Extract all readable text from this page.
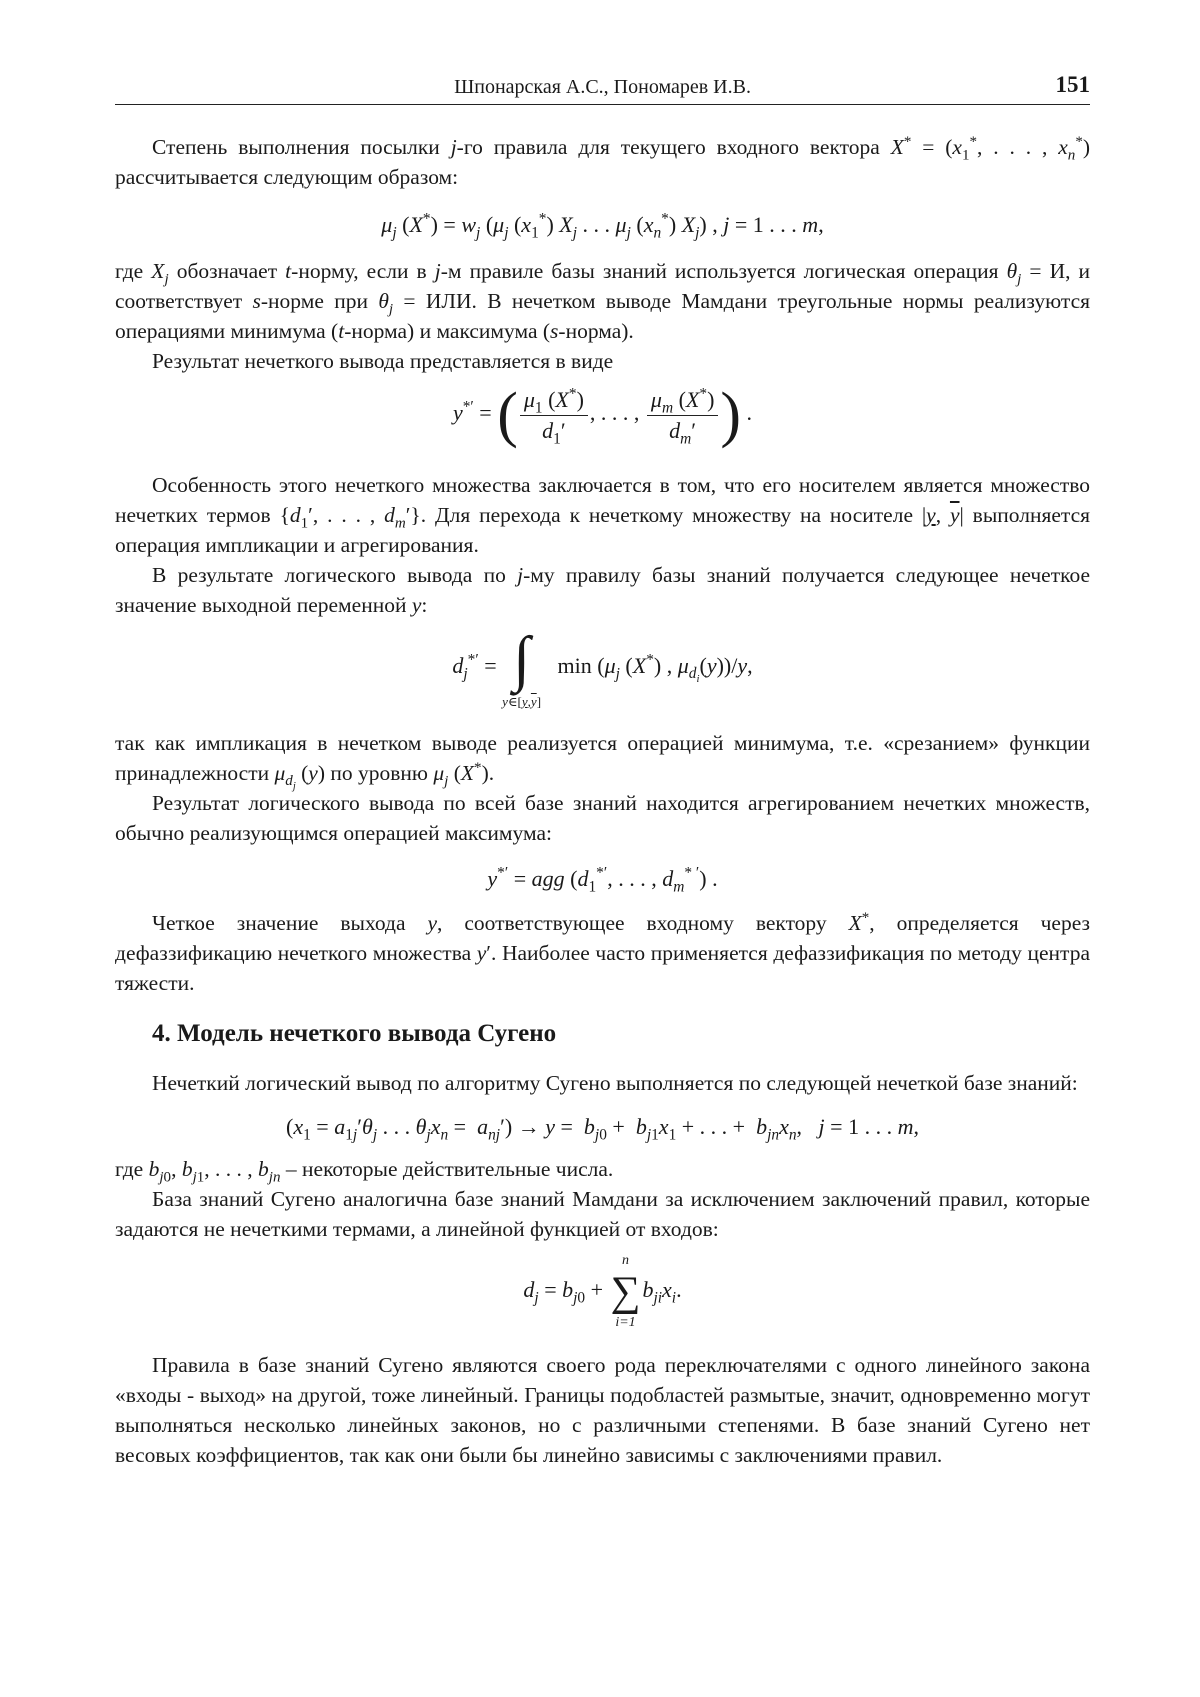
Шпонарская А.С., Пономарев И.В.	151

Степень выполнения посылки j-го правила для текущего входного вектора X* = (x1*, . . . , xn*) рассчитывается следующим образом:

μj (X*) = wj (μj (x1*) Xj . . . μj (xn*) Xj) , j = 1 . . . m,

где Xj обозначает t-норму, если в j-м правиле базы знаний используется логическая операция θj = И, и соответствует s-норме при θj = ИЛИ. В нечетком выводе Мамдани треугольные нормы реализуются операциями минимума (t-норма) и максимума (s-норма).

Результат нечеткого вывода представляется в виде

y*′ = ( μ1 (X*)
d1′
, . . . ,
μm (X*)
dm′ ) .

Особенность этого нечеткого множества заключается в том, что его носителем является множество нечетких термов {d1′, . . . , dm′}. Для перехода к нечеткому множеству на носителе |y, y| выполняется операция импликации и агрегирования.

В результате логического вывода по j-му правилу базы знаний получается следующее нечеткое значение выходной переменной y:

dj*′ = ∫
y∈[y,y]
min (μj (X*) , μdi(y))/y,

так как импликация в нечетком выводе реализуется операцией минимума, т.е. «срезанием» функции принадлежности μdj (y) по уровню μj (X*).

Результат логического вывода по всей базе знаний находится агрегированием нечетких множеств, обычно реализующимся операцией максимума:

y*′ = agg (d1*′, . . . , dm* ′) .

Четкое значение выхода y, соответствующее входному вектору X*, определяется через дефаззификацию нечеткого множества y′. Наиболее часто применяется дефаззификация по методу центра тяжести.

4. Модель нечеткого вывода Сугено

Нечеткий логический вывод по алгоритму Сугено выполняется по следующей нечеткой базе знаний:

(x1 = a1j′θj . . . θjxn =  anj′) → y =  bj0 +  bj1x1 + . . . +  bjnxn,   j = 1 . . . m,

где bj0, bj1, . . . , bjn – некоторые действительные числа.

База знаний Сугено аналогична базе знаний Мамдани за исключением заключений правил, которые задаются не нечеткими термами, а линейной функцией от входов:

dj = bj0 +
n
∑
i=1
bjixi.

Правила в базе знаний Сугено являются своего рода переключателями с одного линейного закона «входы - выход» на другой, тоже линейный. Границы подобластей размытые, значит, одновременно могут выполняться несколько линейных законов, но с различными степенями. В базе знаний Сугено нет весовых коэффициентов, так как они были бы линейно зависимы с заключениями правил.
